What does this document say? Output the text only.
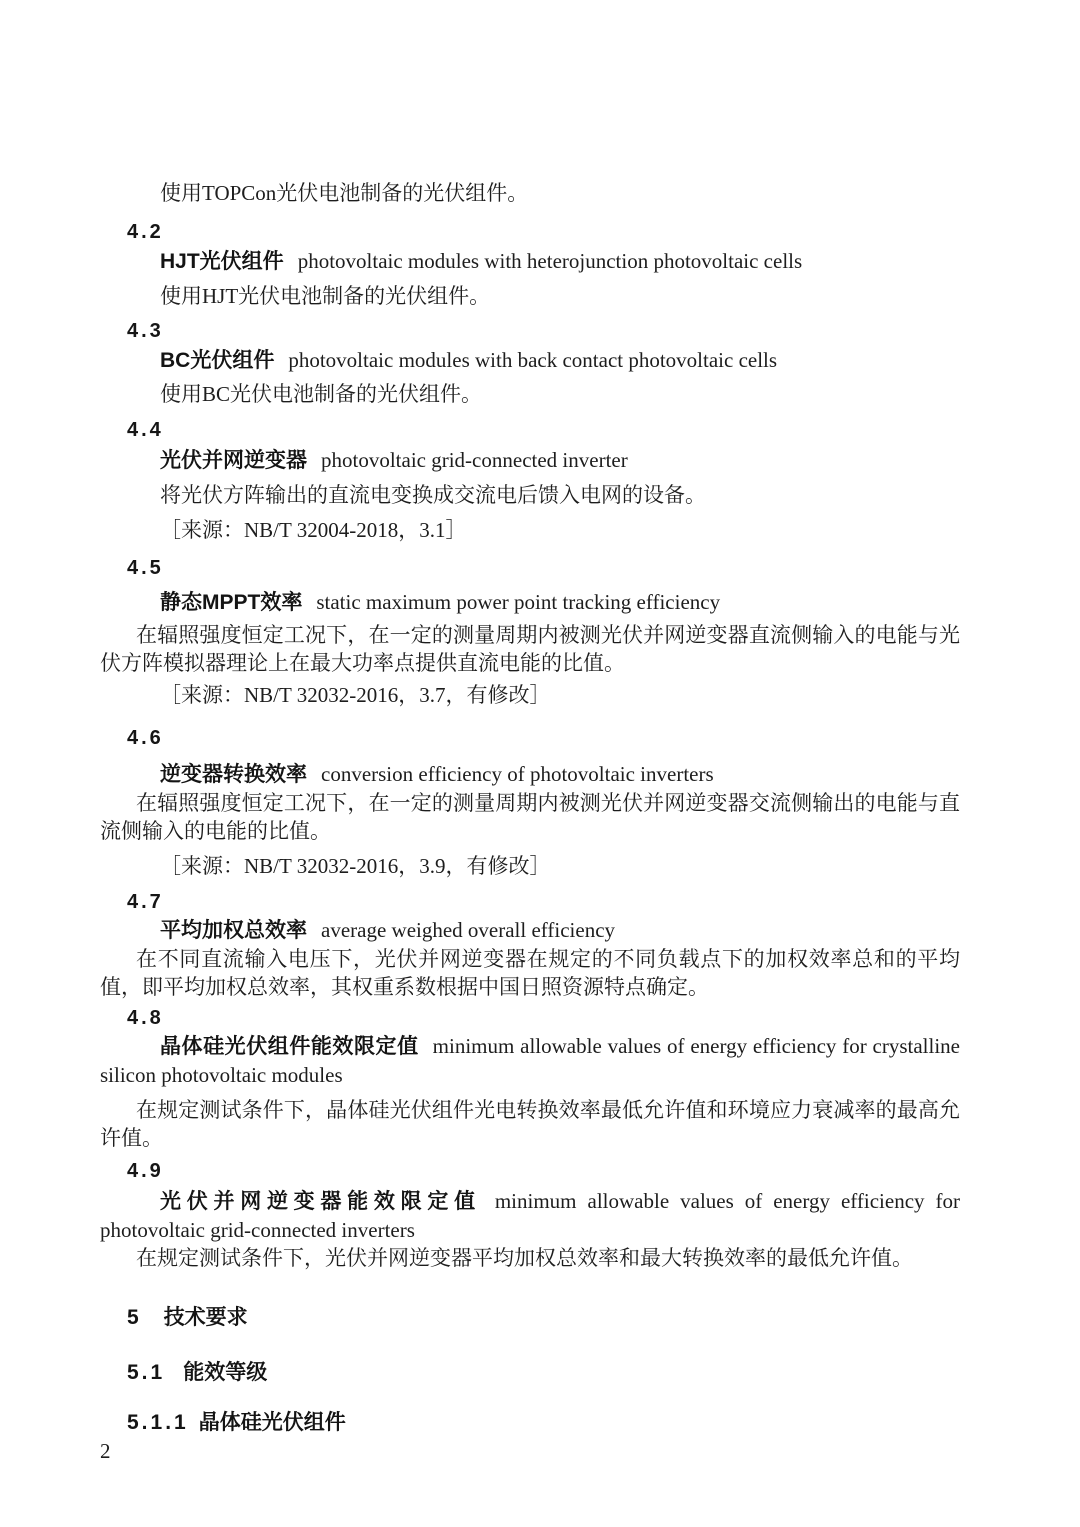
使用TOPCon光伏电池制备的光伏组件。

4.2

HJT光伏组件 photovoltaic modules with heterojunction photovoltaic cells

使用HJT光伏电池制备的光伏组件。

4.3

BC光伏组件 photovoltaic modules with back contact photovoltaic cells

使用BC光伏电池制备的光伏组件。

4.4

光伏并网逆变器 photovoltaic grid-connected inverter

将光伏方阵输出的直流电变换成交流电后馈入电网的设备。

［来源：NB/T 32004-2018，3.1］

4.5

静态MPPT效率 static maximum power point tracking efficiency

在辐照强度恒定工况下，在一定的测量周期内被测光伏并网逆变器直流侧输入的电能与光伏方阵模拟器理论上在最大功率点提供直流电能的比值。

［来源：NB/T 32032-2016，3.7，有修改］

4.6

逆变器转换效率 conversion efficiency of photovoltaic inverters

在辐照强度恒定工况下，在一定的测量周期内被测光伏并网逆变器交流侧输出的电能与直流侧输入的电能的比值。

［来源：NB/T 32032-2016，3.9，有修改］

4.7

平均加权总效率 average weighed overall efficiency

在不同直流输入电压下，光伏并网逆变器在规定的不同负载点下的加权效率总和的平均值，即平均加权总效率，其权重系数根据中国日照资源特点确定。

4.8

晶体硅光伏组件能效限定值 minimum allowable values of energy efficiency for crystalline silicon photovoltaic modules

在规定测试条件下，晶体硅光伏组件光电转换效率最低允许值和环境应力衰减率的最高允许值。

4.9

光伏并网逆变器能效限定值 minimum allowable values of energy efficiency for photovoltaic grid-connected inverters

在规定测试条件下，光伏并网逆变器平均加权总效率和最大转换效率的最低允许值。

5 技术要求
5.1 能效等级
5.1.1 晶体硅光伏组件
2
